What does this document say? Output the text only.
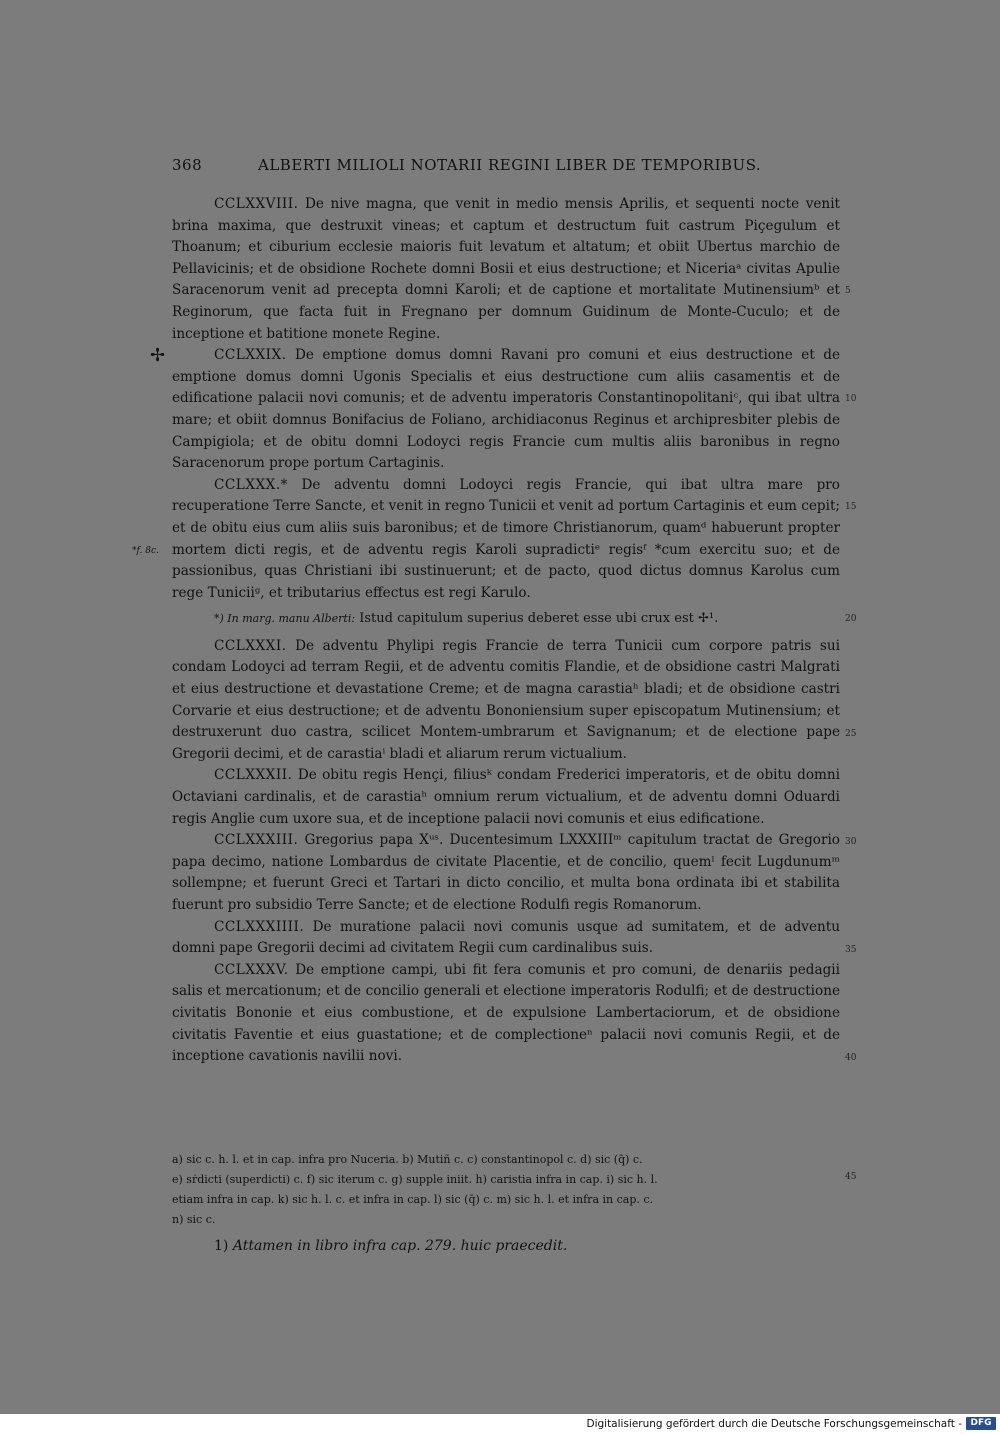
368	ALBERTI MILIOLI NOTARII REGINI LIBER DE TEMPORIBUS.
✢
*f. 8c.
5
10
15
20
25
30
35
40
45

CCLXXVIII. De nive magna, que venit in medio mensis Aprilis, et sequenti nocte venit brina maxima, que destruxit vineas; et captum et destructum fuit castrum Piçegulum et Thoanum; et ciburium ecclesie maioris fuit levatum et altatum; et obiit Ubertus marchio de Pellavicinis; et de obsidione Rochete domni Bosii et eius destructione; et Niceriaᵃ civitas Apulie Saracenorum venit ad precepta domni Karoli; et de captione et mortalitate Mutinensiumᵇ et Reginorum, que facta fuit in Fregnano per domnum Guidinum de Monte-Cuculo; et de inceptione et batitione monete Regine.

CCLXXIX. De emptione domus domni Ravani pro comuni et eius destructione et de emptione domus domni Ugonis Specialis et eius destructione cum aliis casamentis et de edificatione palacii novi comunis; et de adventu imperatoris Constantinopolitaniᶜ, qui ibat ultra mare; et obiit domnus Bonifacius de Foliano, archidiaconus Reginus et archipresbiter plebis de Campigiola; et de obitu domni Lodoyci regis Francie cum multis aliis baronibus in regno Saracenorum prope portum Cartaginis.

CCLXXX.* De adventu domni Lodoyci regis Francie, qui ibat ultra mare pro recuperatione Terre Sancte, et venit in regno Tunicii et venit ad portum Cartaginis et eum cepit; et de obitu eius cum aliis suis baronibus; et de timore Christianorum, quamᵈ habuerunt propter mortem dicti regis, et de adventu regis Karoli supradictiᵉ regisᶠ *cum exercitu suo; et de passionibus, quas Christiani ibi sustinuerunt; et de pacto, quod dictus domnus Karolus cum rege Tuniciiᵍ, et tributarius effectus est regi Karulo.

*) In marg. manu Alberti: Istud capitulum superius deberet esse ubi crux est ✢¹.

CCLXXXI. De adventu Phylipi regis Francie de terra Tunicii cum corpore patris sui condam Lodoyci ad terram Regii, et de adventu comitis Flandie, et de obsidione castri Malgrati et eius destructione et devastatione Creme; et de magna carastiaʰ bladi; et de obsidione castri Corvarie et eius destructione; et de adventu Bononiensium super episcopatum Mutinensium; et destruxerunt duo castra, scilicet Montem-umbrarum et Savignanum; et de electione pape Gregorii decimi, et de carastiaⁱ bladi et aliarum rerum victualium.

CCLXXXII. De obitu regis Hençi, filiusᵏ condam Frederici imperatoris, et de obitu domni Octaviani cardinalis, et de carastiaʰ omnium rerum victualium, et de adventu domni Oduardi regis Anglie cum uxore sua, et de inceptione palacii novi comunis et eius edificatione.

CCLXXXIII. Gregorius papa Xᵘˢ. Ducentesimum LXXXIIIᵐ capitulum tractat de Gregorio papa decimo, natione Lombardus de civitate Placentie, et de concilio, quemˡ fecit Lugdunumᵐ sollempne; et fuerunt Greci et Tartari in dicto concilio, et multa bona ordinata ibi et stabilita fuerunt pro subsidio Terre Sancte; et de electione Rodulfi regis Romanorum.

CCLXXXIIII. De muratione palacii novi comunis usque ad sumitatem, et de adventu domni pape Gregorii decimi ad civitatem Regii cum cardinalibus suis.

CCLXXXV. De emptione campi, ubi fit fera comunis et pro comuni, de denariis pedagii salis et mercationum; et de concilio generali et electione imperatoris Rodulfi; et de destructione civitatis Bononie et eius combustione, et de expulsione Lambertaciorum, et de obsidione civitatis Faventie et eius guastatione; et de complectioneⁿ palacii novi comunis Regii, et de inceptione cavationis navilii novi.

a) sic c. h. l. et in cap. infra pro Nuceria. b) Mutiñ c. c) constantinopol c. d) sic (q̄) c.
e) sṙdicti (superdicti) c. f) sic iterum c. g) supple iniit. h) caristia infra in cap. i) sic h. l.
etiam infra in cap. k) sic h. l. c. et infra in cap. l) sic (q̄) c. m) sic h. l. et infra in cap. c.
n) sic c.
1) Attamen in libro infra cap. 279. huic praecedit.
Digitalisierung gefördert durch die Deutsche Forschungsgemeinschaft - DFG
